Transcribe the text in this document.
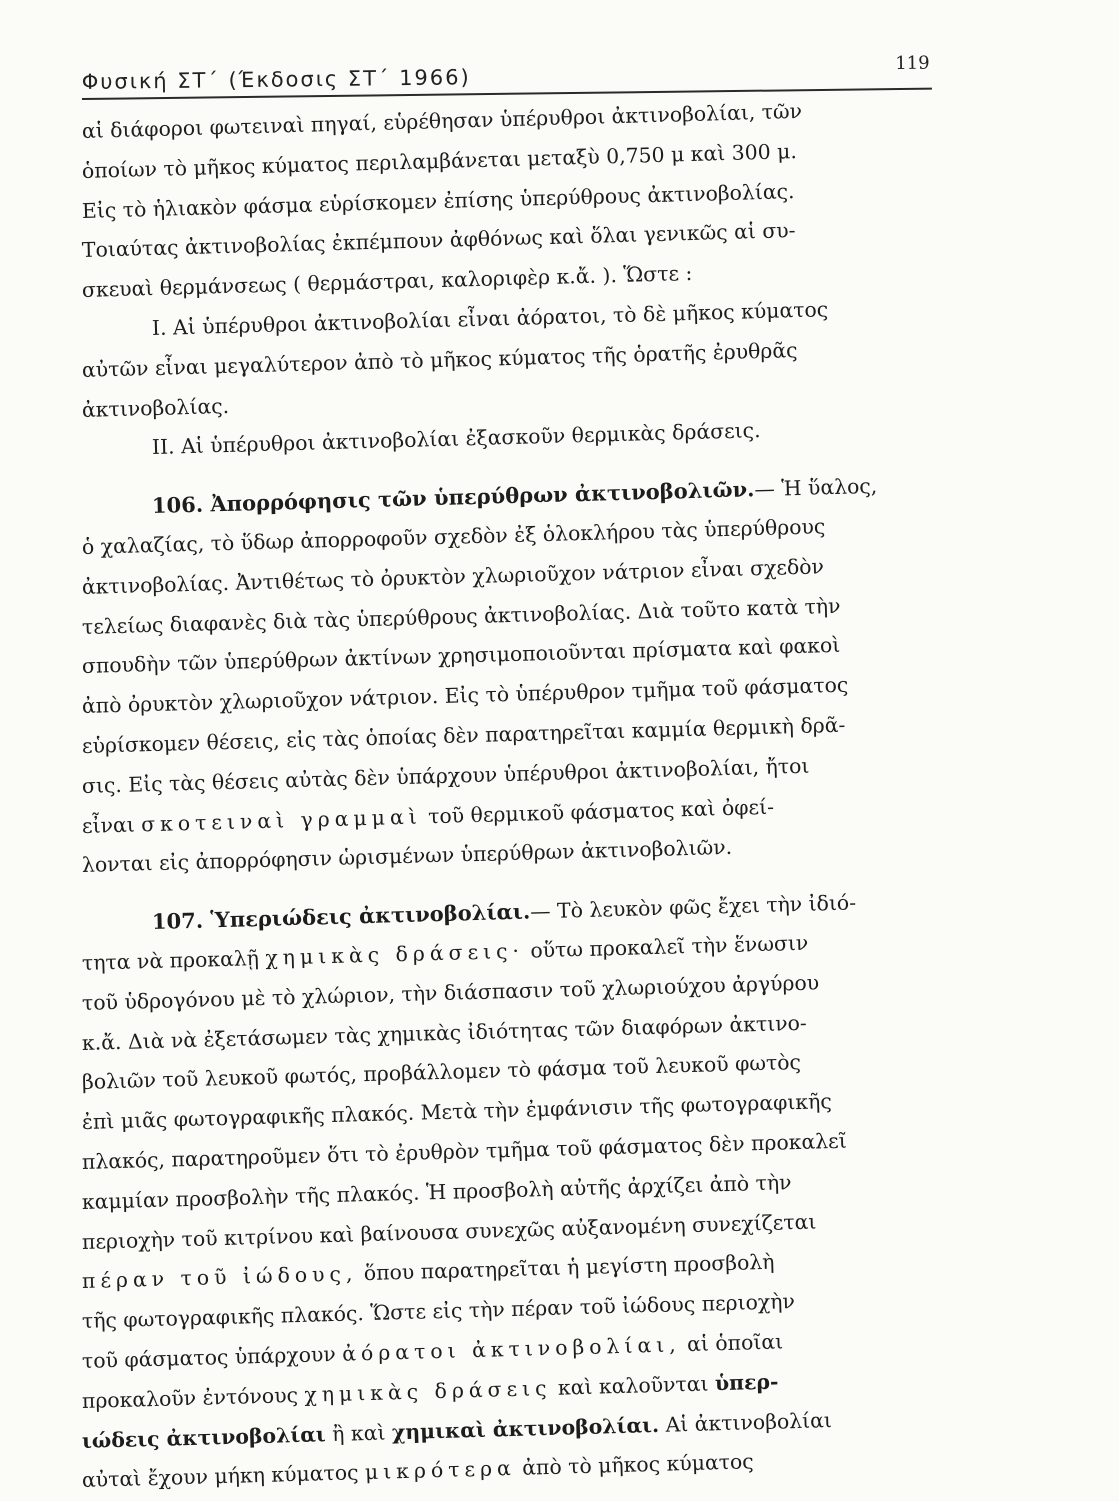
Φυσική ΣΤ΄ (Έκδοσις ΣΤ΄ 1966)
119
αἱ διάφοροι φωτειναὶ πηγαί, εὑρέθησαν ὑπέρυθροι ἀκτινοβολίαι, τῶν
ὁποίων τὸ μῆκος κύματος περιλαμβάνεται μεταξὺ 0,750 μ καὶ 300 μ.
Εἰς τὸ ἡλιακὸν φάσμα εὑρίσκομεν ἐπίσης ὑπερύθρους ἀκτινοβολίας.
Τοιαύτας ἀκτινοβολίας ἐκπέμπουν ἀφθόνως καὶ ὅλαι γενικῶς αἱ συ-
σκευαὶ θερμάνσεως ( θερμάστραι, καλοριφὲρ κ.ἄ. ). Ὥστε :
I. Αἱ ὑπέρυθροι ἀκτινοβολίαι εἶναι ἀόρατοι, τὸ δὲ μῆκος κύματος
αὐτῶν εἶναι μεγαλύτερον ἀπὸ τὸ μῆκος κύματος τῆς ὁρατῆς ἐρυθρᾶς
ἀκτινοβολίας.
II. Αἱ ὑπέρυθροι ἀκτινοβολίαι ἐξασκοῦν θερμικὰς δράσεις.
106. Ἀπορρόφησις τῶν ὑπερύθρων ἀκτινοβολιῶν.— Ἡ ὕαλος,
ὁ χαλαζίας, τὸ ὕδωρ ἀπορροφοῦν σχεδὸν ἐξ ὁλοκλήρου τὰς ὑπερύθρους
ἀκτινοβολίας. Ἀντιθέτως τὸ ὀρυκτὸν χλωριοῦχον νάτριον εἶναι σχεδὸν
τελείως διαφανὲς διὰ τὰς ὑπερύθρους ἀκτινοβολίας. Διὰ τοῦτο κατὰ τὴν
σπουδὴν τῶν ὑπερύθρων ἀκτίνων χρησιμοποιοῦνται πρίσματα καὶ φακοὶ
ἀπὸ ὀρυκτὸν χλωριοῦχον νάτριον. Εἰς τὸ ὑπέρυθρον τμῆμα τοῦ φάσματος
εὑρίσκομεν θέσεις, εἰς τὰς ὁποίας δὲν παρατηρεῖται καμμία θερμικὴ δρᾶ-
σις. Εἰς τὰς θέσεις αὐτὰς δὲν ὑπάρχουν ὑπέρυθροι ἀκτινοβολίαι, ἤτοι
εἶναι σκοτειναὶ γραμμαὶ τοῦ θερμικοῦ φάσματος καὶ ὀφεί-
λονται εἰς ἀπορρόφησιν ὡρισμένων ὑπερύθρων ἀκτινοβολιῶν.
107. Ὑπεριώδεις ἀκτινοβολίαι.— Τὸ λευκὸν φῶς ἔχει τὴν ἰδιό-
τητα νὰ προκαλῇ χημικὰς δράσεις· οὕτω προκαλεῖ τὴν ἕνωσιν
τοῦ ὑδρογόνου μὲ τὸ χλώριον, τὴν διάσπασιν τοῦ χλωριούχου ἀργύρου
κ.ἄ. Διὰ νὰ ἐξετάσωμεν τὰς χημικὰς ἰδιότητας τῶν διαφόρων ἀκτινο-
βολιῶν τοῦ λευκοῦ φωτός, προβάλλομεν τὸ φάσμα τοῦ λευκοῦ φωτὸς
ἐπὶ μιᾶς φωτογραφικῆς πλακός. Μετὰ τὴν ἐμφάνισιν τῆς φωτογραφικῆς
πλακός, παρατηροῦμεν ὅτι τὸ ἐρυθρὸν τμῆμα τοῦ φάσματος δὲν προκαλεῖ
καμμίαν προσβολὴν τῆς πλακός. Ἡ προσβολὴ αὐτῆς ἀρχίζει ἀπὸ τὴν
περιοχὴν τοῦ κιτρίνου καὶ βαίνουσα συνεχῶς αὐξανομένη συνεχίζεται
πέραν τοῦ ἰώδους, ὅπου παρατηρεῖται ἡ μεγίστη προσβολὴ
τῆς φωτογραφικῆς πλακός. Ὥστε εἰς τὴν πέραν τοῦ ἰώδους περιοχὴν
τοῦ φάσματος ὑπάρχουν ἀόρατοι ἀκτινοβολίαι, αἱ ὁποῖαι
προκαλοῦν ἐντόνους χημικὰς δράσεις καὶ καλοῦνται ὑπερ-
ιώδεις ἀκτινοβολίαι ἢ καὶ χημικαὶ ἀκτινοβολίαι. Αἱ ἀκτινοβολίαι
αὐταὶ ἔχουν μήκη κύματος μικρότερα ἀπὸ τὸ μῆκος κύματος
